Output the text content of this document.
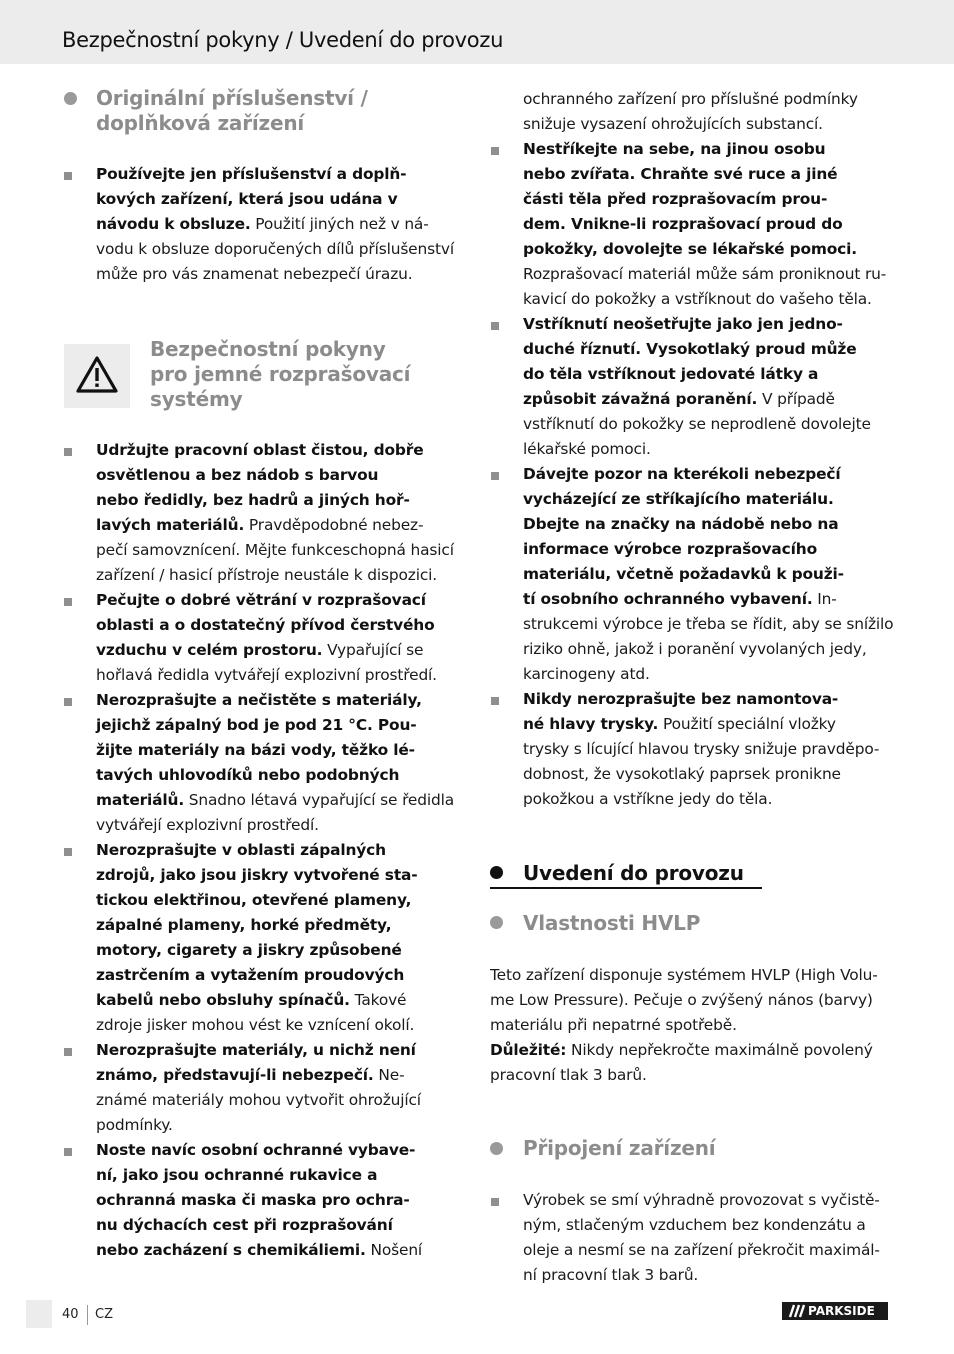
Bezpečnostní pokyny / Uvedení do provozu
Originální příslušenství /
doplňková zařízení
Bezpečnostní pokyny
pro jemné rozprašovací
systémy
Používejte jen příslušenství a doplň-
kových zařízení, která jsou udána v
návodu k obsluze. Použití jiných než v ná-
vodu k obsluze doporučených dílů příslušenství
může pro vás znamenat nebezpečí úrazu.
Udržujte pracovní oblast čistou, dobře
osvětlenou a bez nádob s barvou
nebo ředidly, bez hadrů a jiných hoř-
lavých materiálů. Pravděpodobné nebez-
pečí samovznícení. Mějte funkceschopná hasicí
zařízení / hasicí přístroje neustále k dispozici.
Pečujte o dobré větrání v rozprašovací
oblasti a o dostatečný přívod čerstvého
vzduchu v celém prostoru. Vypařující se
hořlavá ředidla vytvářejí explozivní prostředí.
Nerozprašujte a nečistěte s materiály,
jejichž zápalný bod je pod 21 °C. Pou-
žijte materiály na bázi vody, těžko lé-
tavých uhlovodíků nebo podobných
materiálů. Snadno létavá vypařující se ředidla
vytvářejí explozivní prostředí.
Nerozprašujte v oblasti zápalných
zdrojů, jako jsou jiskry vytvořené sta-
tickou elektřinou, otevřené plameny,
zápalné plameny, horké předměty,
motory, cigarety a jiskry způsobené
zastrčením a vytažením proudových
kabelů nebo obsluhy spínačů. Takové
zdroje jisker mohou vést ke vznícení okolí.
Nerozprašujte materiály, u nichž není
známo, představují-li nebezpečí. Ne-
známé materiály mohou vytvořit ohrožující
podmínky.
Noste navíc osobní ochranné vybave-
ní, jako jsou ochranné rukavice a
ochranná maska či maska pro ochra-
nu dýchacích cest při rozprašování
nebo zacházení s chemikáliemi. Nošení
ochranného zařízení pro příslušné podmínky
snižuje vysazení ohrožujících substancí.
Nestříkejte na sebe, na jinou osobu
nebo zvířata. Chraňte své ruce a jiné
části těla před rozprašovacím prou-
dem. Vnikne-li rozprašovací proud do
pokožky, dovolejte se lékařské pomoci.
Rozprašovací materiál může sám proniknout ru-
kavicí do pokožky a vstříknout do vašeho těla.
Vstříknutí neošetřujte jako jen jedno-
duché říznutí. Vysokotlaký proud může
do těla vstříknout jedovaté látky a
způsobit závažná poranění. V případě
vstříknutí do pokožky se neprodleně dovolejte
lékařské pomoci.
Dávejte pozor na kterékoli nebezpečí
vycházející ze stříkajícího materiálu.
Dbejte na značky na nádobě nebo na
informace výrobce rozprašovacího
materiálu, včetně požadavků k použi-
tí osobního ochranného vybavení. In-
strukcemi výrobce je třeba se řídit, aby se snížilo
riziko ohně, jakož i poranění vyvolaných jedy,
karcinogeny atd.
Nikdy nerozprašujte bez namontova-
né hlavy trysky. Použití speciální vložky
trysky s lícující hlavou trysky snižuje pravděpo-
dobnost, že vysokotlaký paprsek pronikne
pokožkou a vstříkne jedy do těla.
Výrobek se smí výhradně provozovat s vyčistě-
ným, stlačeným vzduchem bez kondenzátu a
oleje a nesmí se na zařízení překročit maximál-
ní pracovní tlak 3 barů.
Uvedení do provozu
Vlastnosti HVLP
Teto zařízení disponuje systémem HVLP (High Volu-
me Low Pressure). Pečuje o zvýšený nános (barvy)
materiálu při nepatrné spotřebě.
Důležité: Nikdy nepřekročte maximálně povolený
pracovní tlak 3 barů.
Připojení zařízení
40 CZ	PARKSIDE
